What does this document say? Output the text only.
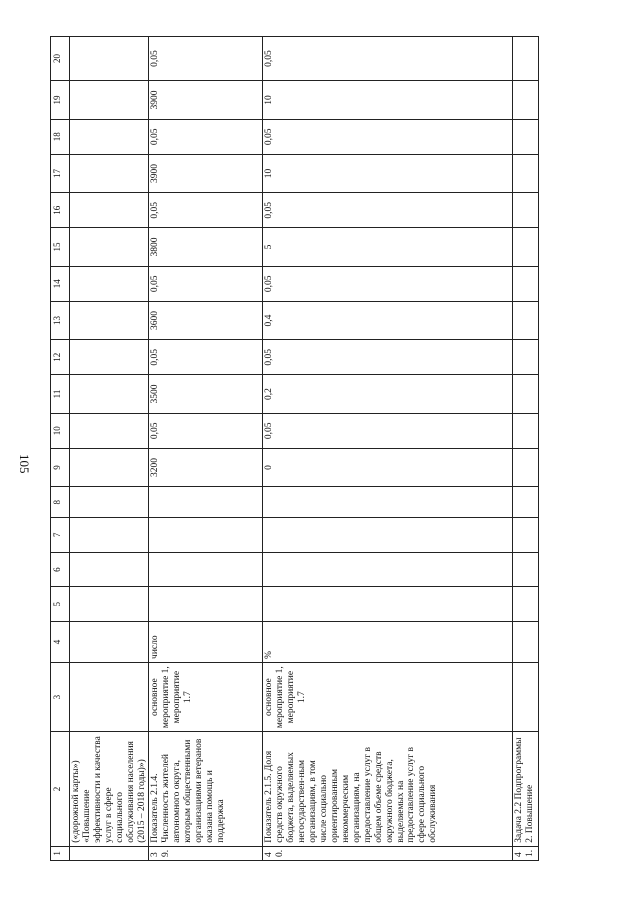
105
1	2	3	4	5	6	7	8	9	10	11	12	13	14	15	16	17	18	19	20
	(«дорожной карты») «Повышение эффективности и качества услуг в сфере социального обслуживания населения (2015 – 2018 годы)»)																		
39.	Показатель 2.1.4. Численность жителей автономного округа, которым общественными организациями ветеранов оказана помощь и поддержка	основное мероприятие 1, мероприятие 1.7	число					3200	0,05	3500	0,05	3600	0,05	3800	0,05	3900	0,05	3900	0,05
40.	Показатель 2.1.5. Доля средств окружного бюджета, выделяемых негосударствен-ным организациям, в том числе социально ориентированным некоммерческим организациям, на предоставление услуг в общем объеме средств окружного бюджета, выделяемых на предоставление услуг в сфере социального обслуживания	основное мероприятие 1, мероприятие 1.7	%					0	0,05	0,2	0,05	0,4	0,05	5	0,05	10	0,05	10	0,05
41.	Задача 2.2 Подпрограммы 2. Повышение																		
